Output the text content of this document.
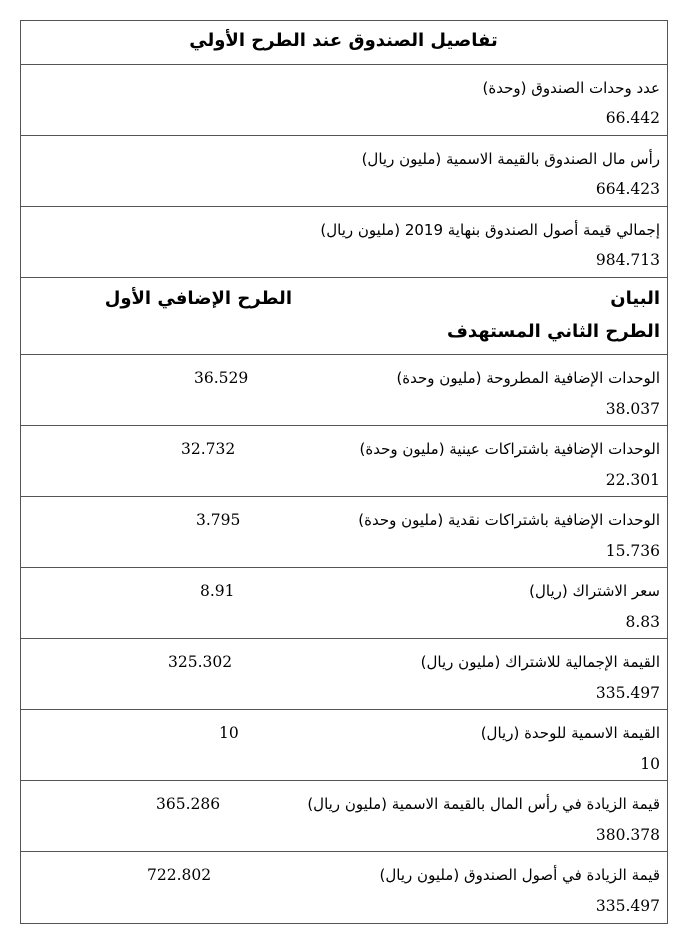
تفاصيل الصندوق عند الطرح الأولي
عدد وحدات الصندوق (وحدة)
66.442
رأس مال الصندوق بالقيمة الاسمية (مليون ريال)
664.423
إجمالي قيمة أصول الصندوق بنهاية 2019 (مليون ريال)
984.713
البيان
الطرح الإضافي الأول
الطرح الثاني المستهدف
الوحدات الإضافية المطروحة (مليون وحدة)
36.529
38.037
الوحدات الإضافية باشتراكات عينية (مليون وحدة)
32.732
22.301
الوحدات الإضافية باشتراكات نقدية (مليون وحدة)
3.795
15.736
سعر الاشتراك (ريال)
8.91
8.83
القيمة الإجمالية للاشتراك (مليون ريال)
325.302
335.497
القيمة الاسمية للوحدة (ريال)
10
10
قيمة الزيادة في رأس المال بالقيمة الاسمية (مليون ريال)
365.286
380.378
قيمة الزيادة في أصول الصندوق (مليون ريال)
722.802
335.497
